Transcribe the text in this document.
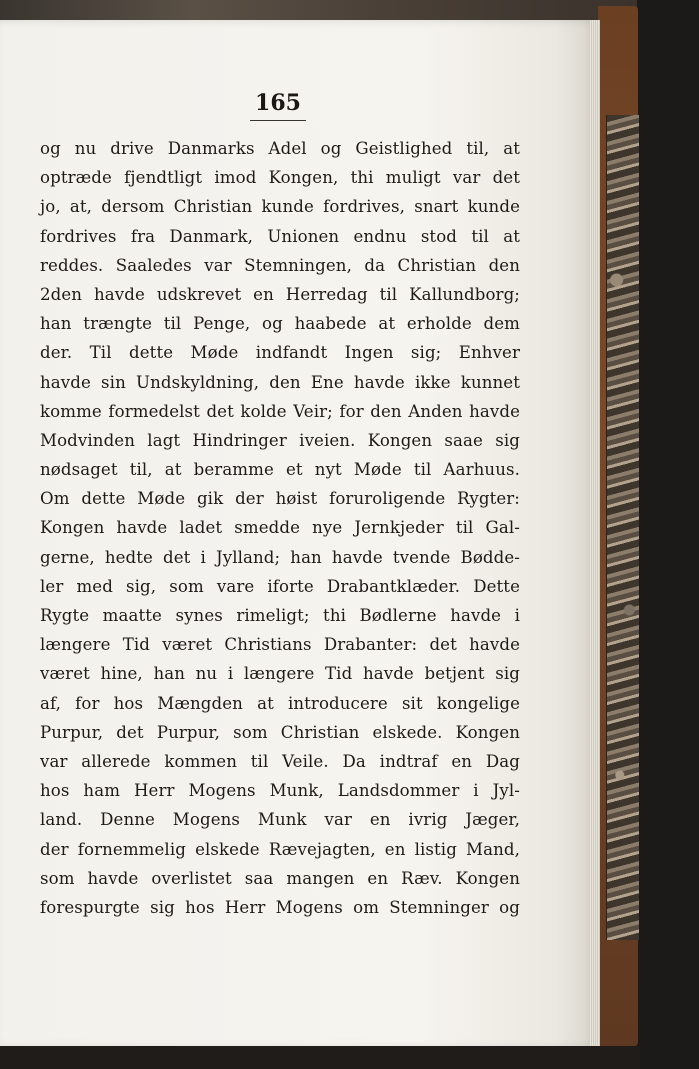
165
og nu drive Danmarks Adel og Geistlighed til, at
optræde fjendtligt imod Kongen, thi muligt var det
jo, at, dersom Christian kunde fordrives, snart kunde
fordrives fra Danmark, Unionen endnu stod til at
reddes. Saaledes var Stemningen, da Christian den
2den havde udskrevet en Herredag til Kallundborg;
han trængte til Penge, og haabede at erholde dem
der. Til dette Møde indfandt Ingen sig; Enhver
havde sin Undskyldning, den Ene havde ikke kunnet
komme formedelst det kolde Veir; for den Anden havde
Modvinden lagt Hindringer iveien. Kongen saae sig
nødsaget til, at beramme et nyt Møde til Aarhuus.
Om dette Møde gik der høist foruroligende Rygter:
Kongen havde ladet smedde nye Jernkjeder til Gal-
gerne, hedte det i Jylland; han havde tvende Bødde-
ler med sig, som vare iforte Drabantklæder. Dette
Rygte maatte synes rimeligt; thi Bødlerne havde i
længere Tid været Christians Drabanter: det havde
været hine, han nu i længere Tid havde betjent sig
af, for hos Mængden at introducere sit kongelige
Purpur, det Purpur, som Christian elskede. Kongen
var allerede kommen til Veile. Da indtraf en Dag
hos ham Herr Mogens Munk, Landsdommer i Jyl-
land. Denne Mogens Munk var en ivrig Jæger,
der fornemmelig elskede Rævejagten, en listig Mand,
som havde overlistet saa mangen en Ræv. Kongen
forespurgte sig hos Herr Mogens om Stemninger og
